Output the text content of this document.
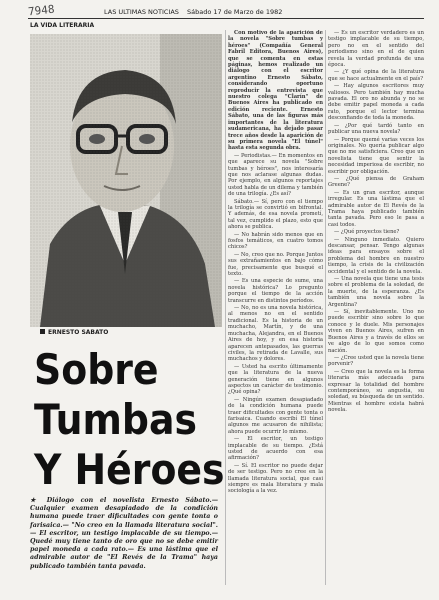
7948	LAS ULTIMAS NOTICIAS Sábado 17 de Marzo de 1982
LA VIDA LITERARIA
ERNESTO SABATO
Sobre
Tumbas
Y Héroes
★ Diálogo con el novelista Ernesto Sábato.— Cualquier examen desapiadado de la condición humana puede traer dificultades con gente tonta o farisaica.— "No creo en la llamada literatura social".— El escritor, un testigo implacable de su tiempo.— Quedé muy tiene tanto de oro que no se debe emitir papel moneda a cada rato.— Es una lástima que el admirable autor de "El Revés de la Trama" haya publicado también tanta pavada.

Con motivo de la aparición de la novela "Sobre tumbas y héroes" (Compañía General Fabril Editora, Buenos Aires), que se comenta en estas páginas, hemos realizado un diálogo con el escritor argentino Ernesto Sábato, considerando oportuno reproducir la entrevista que nuestro colega "Clarín" de Buenos Aires ha publicado en edición reciente. Ernesto Sábato, una de las figuras más importantes de la literatura sudamericana, ha dejado pasar trece años desde la aparición de su primera novela "El túnel" hasta esta segunda obra.

— Periodistas.— En momentos en que aparece su novela "Sobre tumbas y héroes", nos interesaría que nos aclarase algunas dudas. Por ejemplo, en algunos reportajes usted habla de un dilema y también de una trilogía. ¿Es así?

Sábato.— Sí, pero con el tiempo la trilogía se convirtió en bifrontal. Y además, de esa novela prometí, tal vez, cumplido el plazo, esto que ahora se publica.

— No habrán sido menos que en fosfos temáticos, en cuatro tomos chicos?

— No, creo que no. Porque Juntos sus extrañamientos en bajo cómo fue, precisamente que busqué el texto.

— Es una especie de sume, una novela histórica? Lo pregunto porque el tiempo de la acción transcurre en distintos períodos.

— No, no es una novela histórica, al menos no en el sentido tradicional. Es la historia de un muchacho, Martín, y de una muchacha, Alejandra, en el Buenos Aires de hoy, y en esa historia aparecen antepasados, las guerras civiles, la retirada de Lavalle, sus muchachos y dolores.

— Usted ha escrito últimamente que la literatura de la nueva generación tiene en algunos aspectos un carácter de testimonio. ¿Qué opina?

— Ningún examen desapiadado de la condición humana puede traer dificultades con gente tonta o farisaica. Cuando escribí El túnel algunos me acusaron de nihilista; ahora puede ocurrir lo mismo.

— El escritor, un testigo implacable de su tiempo. ¿Está usted de acuerdo con esa afirmación?

— Sí. El escritor no puede dejar de ser testigo. Pero no cree en la llamada literatura social, que casi siempre es mala literatura y mala sociología a la vez.

— Es un escritor verdadero es un testigo implacable de su tiempo, pero no en el sentido del periodismo sino en el de quien revela la verdad profunda de una época.

— ¿Y qué opina de la literatura que se hace actualmente en el país?

— Hay algunos escritores muy valiosos. Pero también hay mucha pavada. El oro no abunda y no se debe emitir papel moneda a cada rato, porque el lector termina desconfiando de toda la moneda.

— ¿Por qué tardó tanto en publicar una nueva novela?

— Porque quemé varias veces los originales. No quería publicar algo que no me satisficiera. Creo que un novelista tiene que sentir la necesidad imperiosa de escribir, no escribir por obligación.

— ¿Qué piensa de Graham Greene?

— Es un gran escritor, aunque irregular. Es una lástima que el admirable autor de El Revés de la Trama haya publicado también tanta pavada. Pero eso le pasa a casi todos.

— ¿Qué proyectos tiene?

— Ninguno inmediato. Quiero descansar, pensar. Tengo algunas ideas para ensayos sobre el problema del hombre en nuestro tiempo, la crisis de la civilización occidental y el sentido de la novela.

— Una novela que tiene una tesis sobre el problema de la soledad, de la muerte, de la esperanza. ¿Es también una novela sobre la Argentina?

— Sí, inevitablemente. Uno no puede escribir sino sobre lo que conoce y le duele. Mis personajes viven en Buenos Aires, sufren en Buenos Aires y a través de ellos se ve algo de lo que somos como nación.

— ¿Cree usted que la novela tiene porvenir?

— Creo que la novela es la forma literaria más adecuada para expresar la totalidad del hombre contemporáneo, su angustia, su soledad, su búsqueda de un sentido. Mientras el hombre exista habrá novela.
